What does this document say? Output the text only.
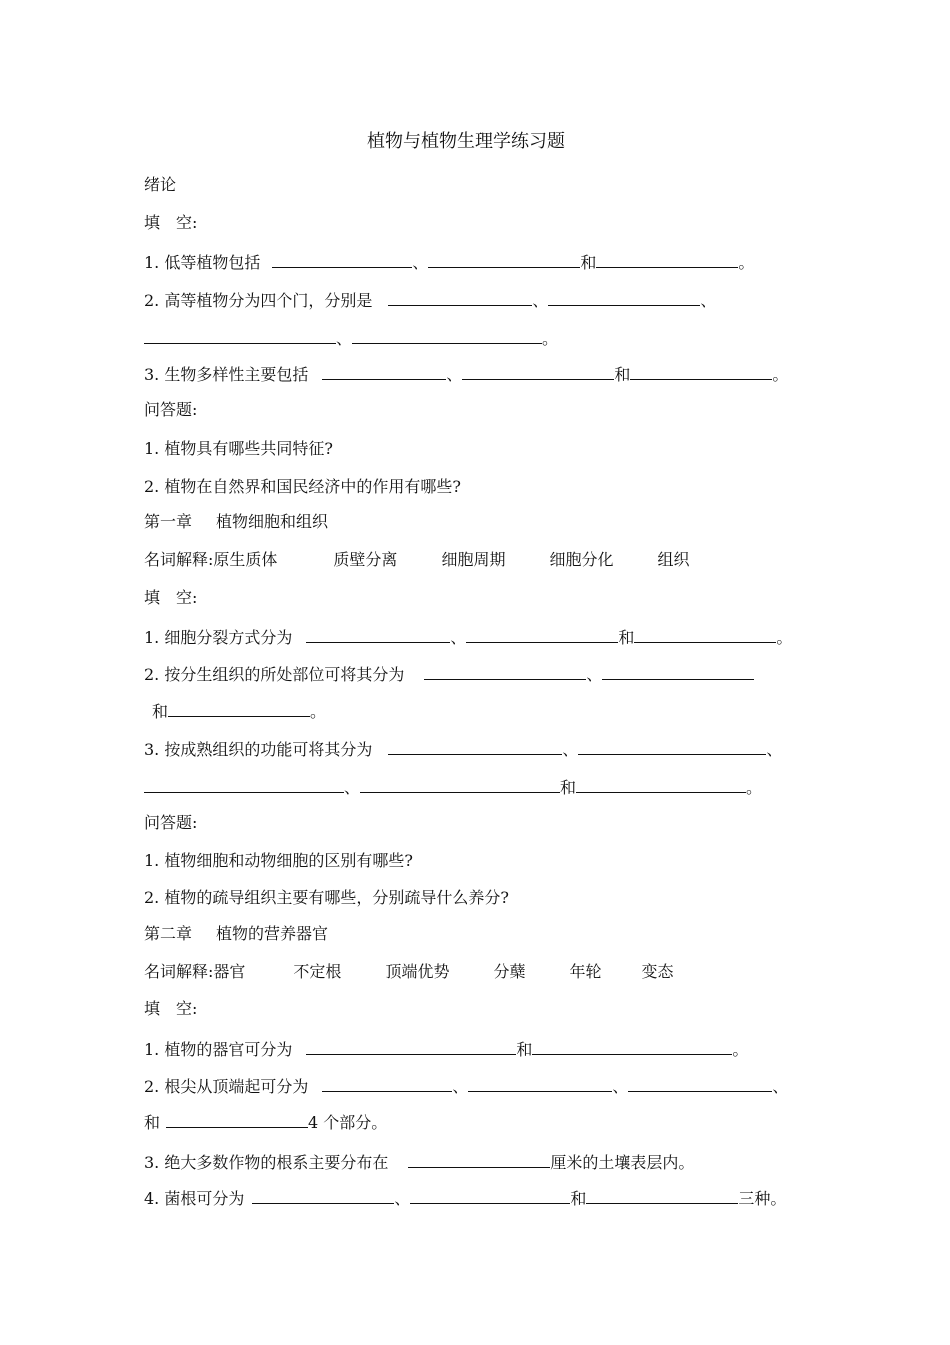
植物与植物生理学练习题
绪论
填　空:
1. 低等植物包括	、	和	。
2. 高等植物分为四个门，分别是	、	、
、	。
3. 生物多样性主要包括	、	和	。
问答题:
1. 植物具有哪些共同特征?
2. 植物在自然界和国民经济中的作用有哪些?
第一章 植物细胞和组织
名词解释:原生质体	质壁分离	细胞周期	细胞分化	组织
填　空:
1. 细胞分裂方式分为	、	和	。
2. 按分生组织的所处部位可将其分为	、
和	。
3. 按成熟组织的功能可将其分为	、	、
、	和	。
问答题:
1. 植物细胞和动物细胞的区别有哪些?
2. 植物的疏导组织主要有哪些，分别疏导什么养分?
第二章 植物的营养器官
名词解释:器官	不定根	顶端优势	分蘖	年轮	变态
填　空:
1. 植物的器官可分为	和	。
2. 根尖从顶端起可分为	、	、	、
和	4 个部分。
3. 绝大多数作物的根系主要分布在	厘米的土壤表层内。
4. 菌根可分为	、	和	三种。
